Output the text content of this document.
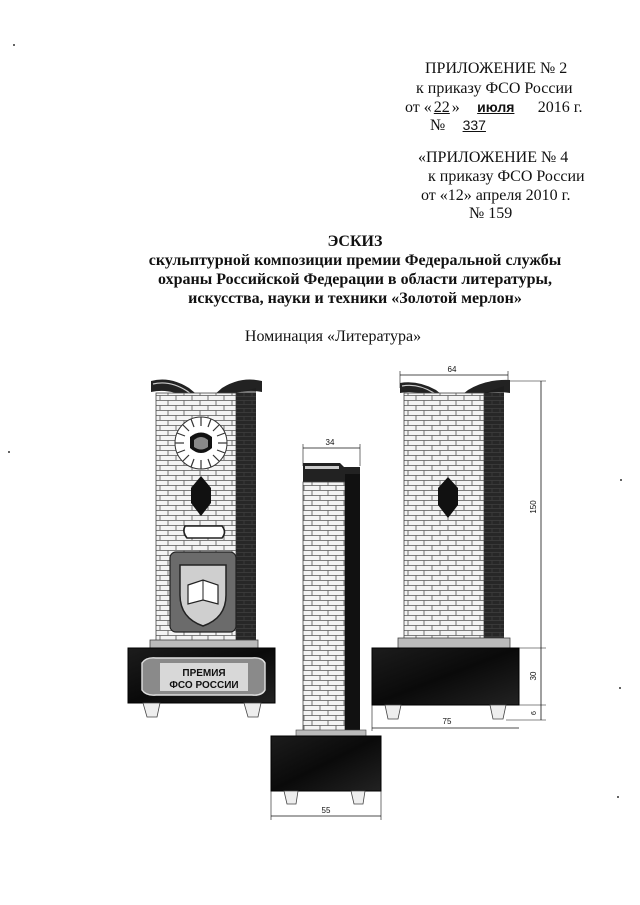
ПРИЛОЖЕНИЕ № 2
к приказу ФСО России
от « 22 » июля 2016 г.
№ 337
«ПРИЛОЖЕНИЕ № 4
к приказу ФСО России
от «12» апреля 2010 г.
№ 159
ЭСКИЗ
скульптурной композиции премии Федеральной службы
охраны Российской Федерации в области литературы,
искусства, науки и техники «Золотой мерлон»
Номинация «Литература»
ПРЕМИЯ
ФСО РОССИИ
34
55
64
150
30
6
75
